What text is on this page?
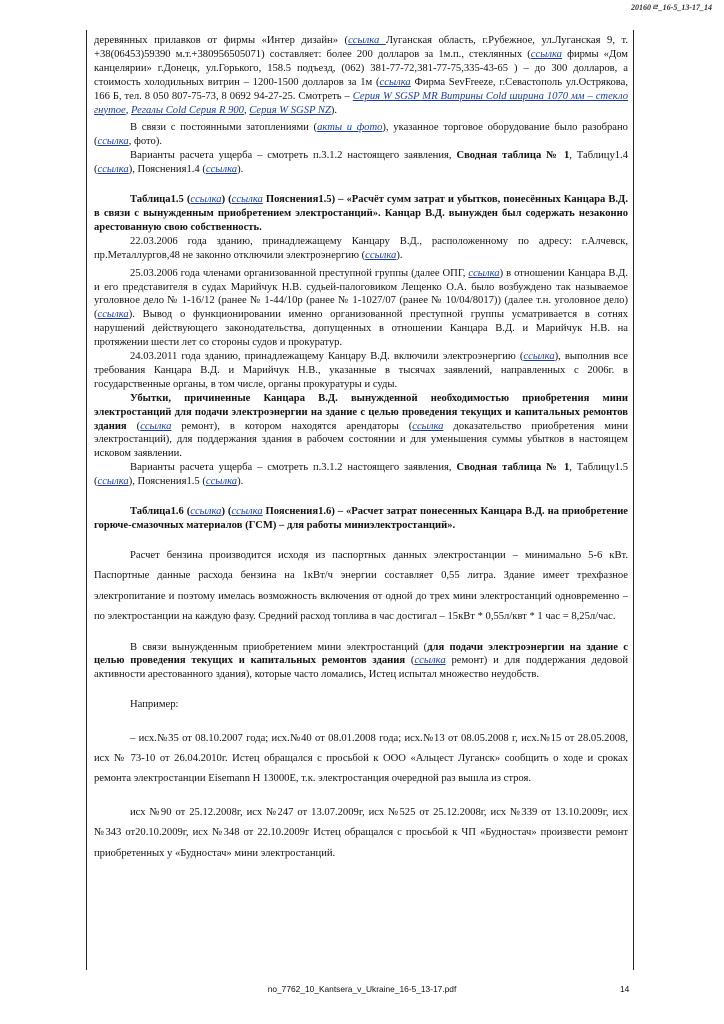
20160ㄹ_16-5_13-17_14

деревянных прилавков от фирмы «Интер дизайн» (ссылка Луганская область, г.Рубежное, ул.Луганская 9, т. +38(06453)59390 м.т.+380956505071) составляет: более 200 долларов за 1м.п., стеклянных (ссылка фирмы «Дом канцелярии» г.Донецк, ул.Горького, 158.5 подъезд, (062) 381-77-72,381-77-75,335-43-65 ) – до 300 долларов, а стоимость холодильных витрин – 1200-1500 долларов за 1м (ссылка Фирма SevFreeze, г.Севастополь ул.Острякова, 166 Б, тел. 8 050 807-75-73, 8 0692 94-27-25. Смотреть – Серия W SGSP MR Витрины Cold ширина 1070 мм – стекло гнутое, Регалы Cold Серия R 900, Серия W SGSP NZ).

В связи с постоянными затоплениями (акты и фото), указанное торговое оборудование было разобрано (ссылка, фото).

Варианты расчета ущерба – смотреть п.3.1.2 настоящего заявления, Сводная таблица № 1, Таблицу1.4 (ссылка), Пояснения1.4 (ссылка).

Таблица1.5 (ссылка) (ссылка Пояснения1.5) – «Расчёт сумм затрат и убытков, понесённых Канцара В.Д. в связи с вынужденным приобретением электростанций». Канцар В.Д. вынужден был содержать незаконно арестованную свою собственность.

22.03.2006 года зданию, принадлежащему Канцару В.Д., расположенному по адресу: г.Алчевск, пр.Металлургов,48 не законно отключили электроэнергию (ссылка).

25.03.2006 года членами организованной преступной группы (далее ОПГ, ссылка) в отношении Канцара В.Д. и его представителя в судах Марийчук Н.В. судьей-палоговиком Лещенко О.А. было возбуждено так называемое уголовное дело № 1-16/12 (ранее № 1-44/10р (ранее № 1-1027/07 (ранее № 10/04/8017)) (далее т.н. уголовное дело) (ссылка). Вывод о функционировании именно организованной преступной группы усматривается в сотнях нарушений действующего законодательства, допущенных в отношении Канцара В.Д. и Марийчук Н.В. на протяжении шести лет со стороны судов и прокуратур.

24.03.2011 года зданию, принадлежащему Канцару В.Д. включили электроэнергию (ссылка), выполнив все требования Канцара В.Д. и Марийчук Н.В., указанные в тысячах заявлений, направленных с 2006г. в государственные органы, в том числе, органы прокуратуры и суды.

Убытки, причиненные Канцара В.Д. вынужденной необходимостью приобретения мини электростанций для подачи электроэнергии на здание с целью проведения текущих и капитальных ремонтов здания (ссылка ремонт), в котором находятся арендаторы (ссылка доказательство приобретения мини электростанций), для поддержания здания в рабочем состоянии и для уменьшения суммы убытков в настоящем исковом заявлении.

Варианты расчета ущерба – смотреть п.3.1.2 настоящего заявления, Сводная таблица № 1, Таблицу1.5 (ссылка), Пояснения1.5 (ссылка).

Таблица1.6 (ссылка) (ссылка Пояснения1.6) – «Расчет затрат понесенных Канцара В.Д. на приобретение горюче-смазочных материалов (ГСМ) – для работы миниэлектростанций».

Расчет бензина производится исходя из паспортных данных электростанции – минимально 5-6 кВт. Паспортные данные расхода бензина на 1кВт/ч энергии составляет 0,55 литра. Здание имеет трехфазное электропитание и поэтому имелась возможность включения от одной до трех мини электростанций одновременно – по электростанции на каждую фазу. Средний расход топлива в час достигал – 15кВт * 0,55л/квт * 1 час = 8,25л/час.

В связи вынужденным приобретением мини электростанций (для подачи электроэнергии на здание с целью проведения текущих и капитальных ремонтов здания (ссылка ремонт) и для поддержания дедовой активности арестованного здания), которые часто ломались, Истец испытал множество неудобств.

Например:

– исх.№35 от 08.10.2007 года; исх.№40 от 08.01.2008 года; исх.№13 от 08.05.2008 г, исх.№15 от 28.05.2008, исх № 73-10 от 26.04.2010г. Истец обращался с просьбой к ООО «Альцест Луганск» сообщить о ходе и сроках ремонта электростанции Eisemann H 13000E, т.к. электростанция очередной раз вышла из строя.

исх №90 от 25.12.2008г, исх №247 от 13.07.2009г, исх №525 от 25.12.2008г, исх №339 от 13.10.2009г, исх №343 от20.10.2009г, исх №348 от 22.10.2009г Истец обращался с просьбой к ЧП «Будностач» произвести ремонт приобретенных у «Будностач» мини электростанций.

no_7762_10_Kantsera_v_Ukraine_16-5_13-17.pdf	14
